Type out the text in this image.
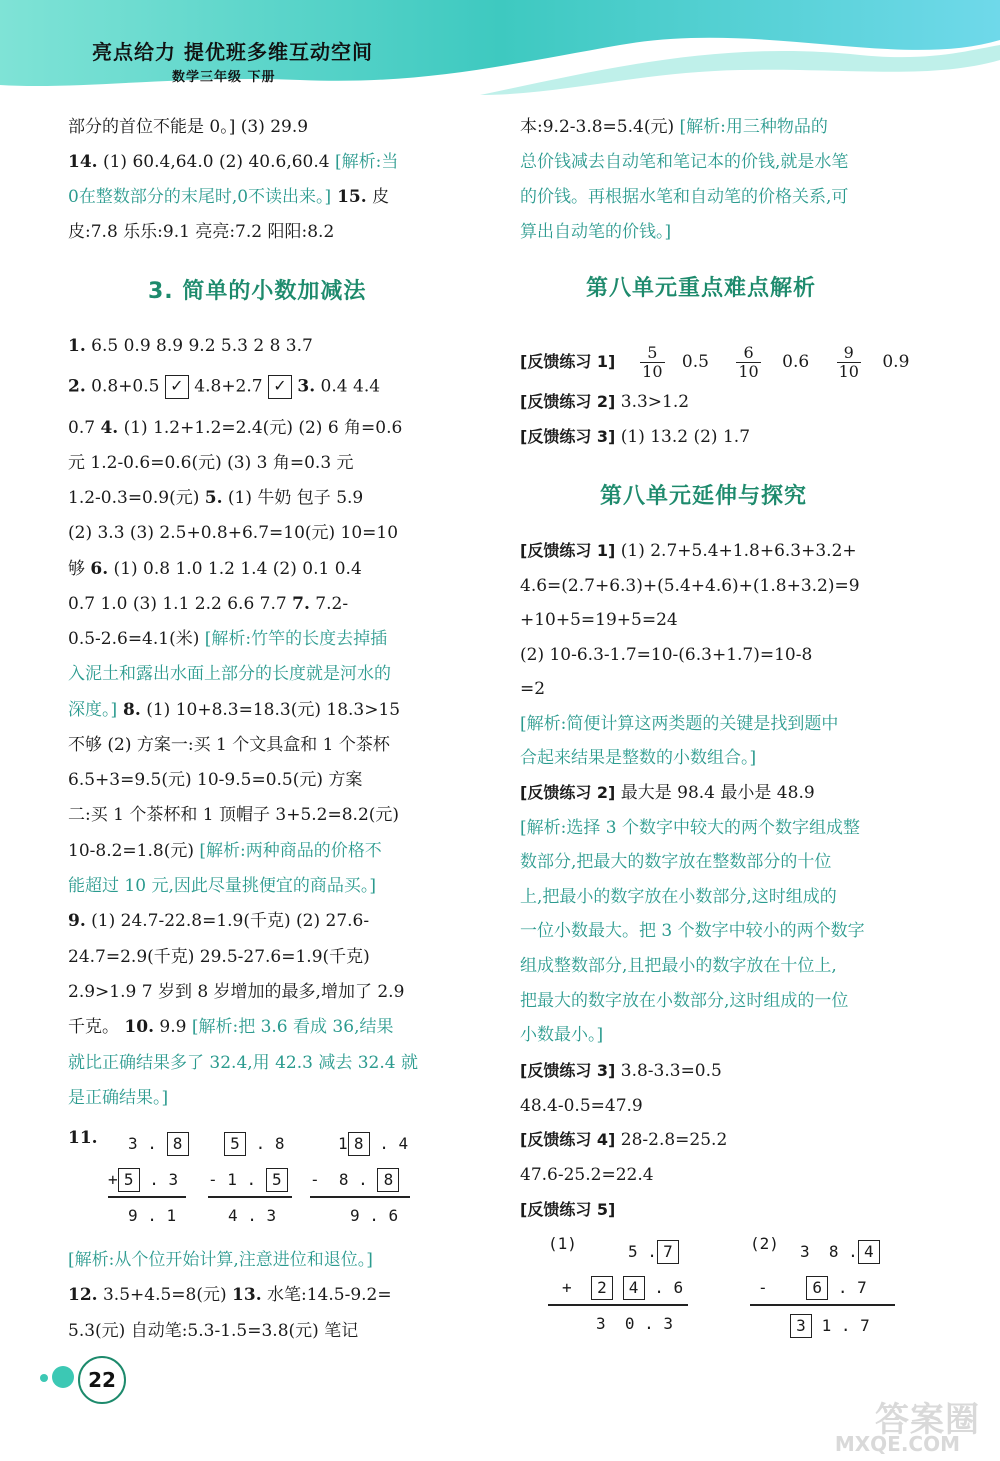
亮点给力 提优班多维互动空间
数学三年级 下册
部分的首位不能是 0。] (3) 29.9
14. (1) 60.4,64.0 (2) 40.6,60.4 [解析:当
0在整数部分的末尾时,0不读出来。] 15. 皮
皮:7.8 乐乐:9.1 亮亮:7.2 阳阳:8.2
3. 简单的小数加减法
1. 6.5 0.9 8.9 9.2 5.3 2 8 3.7
2. 0.8+0.5 ✓ 4.8+2.7 ✓ 3. 0.4 4.4
0.7 4. (1) 1.2+1.2=2.4(元) (2) 6 角=0.6
元 1.2-0.6=0.6(元) (3) 3 角=0.3 元
1.2-0.3=0.9(元) 5. (1) 牛奶 包子 5.9
(2) 3.3 (3) 2.5+0.8+6.7=10(元) 10=10
够 6. (1) 0.8 1.0 1.2 1.4 (2) 0.1 0.4
0.7 1.0 (3) 1.1 2.2 6.6 7.7 7. 7.2-
0.5-2.6=4.1(米) [解析:竹竿的长度去掉插
入泥土和露出水面上部分的长度就是河水的
深度。] 8. (1) 10+8.3=18.3(元) 18.3>15
不够 (2) 方案一:买 1 个文具盒和 1 个茶杯
6.5+3=9.5(元) 10-9.5=0.5(元) 方案
二:买 1 个茶杯和 1 顶帽子 3+5.2=8.2(元)
10-8.2=1.8(元) [解析:两种商品的价格不
能超过 10 元,因此尽量挑便宜的商品买。]
9. (1) 24.7-22.8=1.9(千克) (2) 27.6-
24.7=2.9(千克) 29.5-27.6=1.9(千克)
2.9>1.9 7 岁到 8 岁增加的最多,增加了 2.9
千克。 10. 9.9 [解析:把 3.6 看成 36,结果
就比正确结果多了 32.4,用 42.3 减去 32.4 就
是正确结果。]
11. 3 . 8
+ 5 . 3
9 . 1
5 . 8
- 1 . 5
4 . 3
1 8 . 4
-  8 . 8
9 . 6
[解析:从个位开始计算,注意进位和退位。]
12. 3.5+4.5=8(元) 13. 水笔:14.5-9.2=
5.3(元) 自动笔:5.3-1.5=3.8(元) 笔记
本:9.2-3.8=5.4(元) [解析:用三种物品的
总价钱减去自动笔和笔记本的价钱,就是水笔
的价钱。再根据水笔和自动笔的价格关系,可
算出自动笔的价钱。]
第八单元重点难点解析
[反馈练习 $1] \frac{5}{10} 0.5 \frac{6}{10} 0.6 \frac{9}{10} 0.9$
[反馈练习 2] 3.3>1.2
[反馈练习 3] (1) 13.2 (2) 1.7
第八单元延伸与探究
[反馈练习 1] (1) 2.7+5.4+1.8+6.3+3.2+
4.6=(2.7+6.3)+(5.4+4.6)+(1.8+3.2)=9
+10+5=19+5=24
(2) 10-6.3-1.7=10-(6.3+1.7)=10-8
=2
[解析:简便计算这两类题的关键是找到题中
合起来结果是整数的小数组合。]
[反馈练习 2] 最大是 98.4 最小是 48.9
[解析:选择 3 个数字中较大的两个数字组成整
数部分,把最大的数字放在整数部分的十位
上,把最小的数字放在小数部分,这时组成的
一位小数最大。把 3 个数字中较小的两个数字
组成整数部分,且把最小的数字放在十位上,
把最大的数字放在小数部分,这时组成的一位
小数最小。]
[反馈练习 3] 3.8-3.3=0.5
48.4-0.5=47.9
[反馈练习 4] 28-2.8=25.2
47.6-25.2=22.4
[反馈练习 5]
(1)	5 . 7
+ 2 4 . 6
3  0 . 3
(2) 3  8 . 4
-	6 . 7
3 1 . 7
22
答案圈
MXQE.COM
